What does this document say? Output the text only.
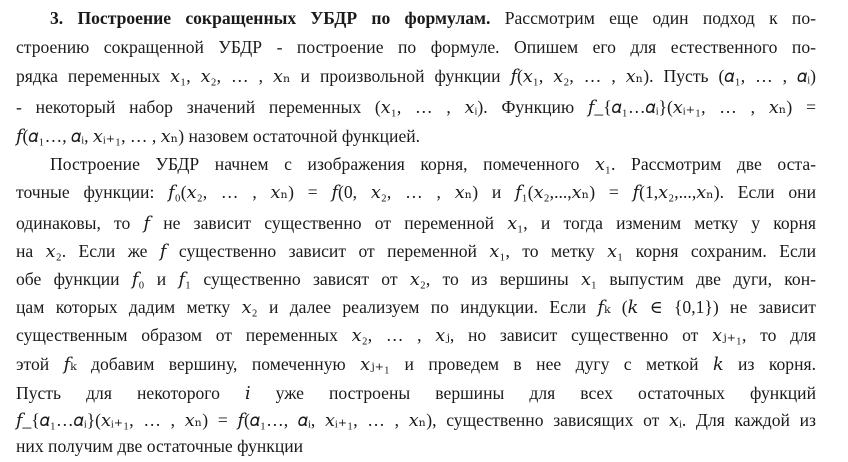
3. Построение сокращенных УБДР по формулам. Рассмотрим еще один подход к по-
строению сокращенной УБДР - построение по формуле. Опишем его для естественного по-
рядка переменных 𝑥₁, 𝑥₂, … , 𝑥ₙ и произвольной функции 𝑓(𝑥₁, 𝑥₂, … , 𝑥ₙ). Пусть (𝛼₁, … , 𝛼ᵢ)
- некоторый набор значений переменных (𝑥₁, … , 𝑥ᵢ). Функцию 𝑓_{𝛼₁…𝛼ᵢ}(𝑥ᵢ₊₁, … , 𝑥ₙ) =
𝑓(𝛼₁…, 𝛼ᵢ, 𝑥ᵢ₊₁, … , 𝑥ₙ) назовем остаточной функцией.
Построение УБДР начнем с изображения корня, помеченного 𝑥₁. Рассмотрим две оста-
точные функции: 𝑓₀(𝑥₂, … , 𝑥ₙ) = 𝑓(0, 𝑥₂, … , 𝑥ₙ) и 𝑓₁(𝑥₂,...,𝑥ₙ) = 𝑓(1,𝑥₂,...,𝑥ₙ). Если они
одинаковы, то 𝑓 не зависит существенно от переменной 𝑥₁, и тогда изменим метку у корня
на 𝑥₂. Если же 𝑓 существенно зависит от переменной 𝑥₁, то метку 𝑥₁ корня сохраним. Если
обе функции 𝑓₀ и 𝑓₁ существенно зависят от 𝑥₂, то из вершины 𝑥₁ выпустим две дуги, кон-
цам которых дадим метку 𝑥₂ и далее реализуем по индукции. Если 𝑓ₖ (𝑘 ∈ {0,1}) не зависит
существенным образом от переменных 𝑥₂, … , 𝑥ⱼ, но зависит существенно от 𝑥ⱼ₊₁, то для
этой 𝑓ₖ добавим вершину, помеченную 𝑥ⱼ₊₁ и проведем в нее дугу с меткой 𝑘 из корня.
Пусть для некоторого 𝑖 уже построены вершины для всех остаточных функций
𝑓_{𝛼₁…𝛼ᵢ}(𝑥ᵢ₊₁, … , 𝑥ₙ) = 𝑓(𝛼₁…, 𝛼ᵢ, 𝑥ᵢ₊₁, … , 𝑥ₙ), существенно зависящих от 𝑥ᵢ. Для каждой из
них получим две остаточные функции
